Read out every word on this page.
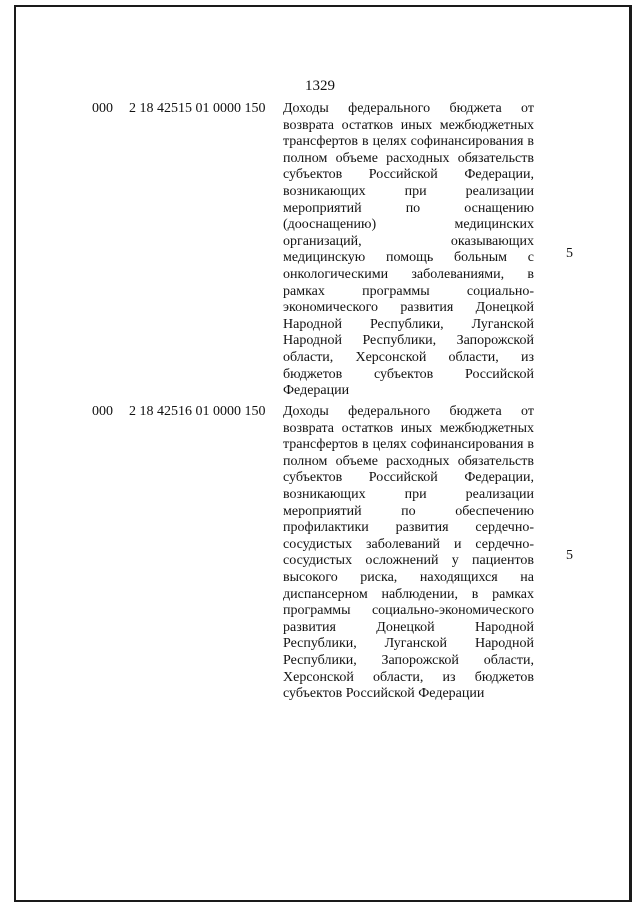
1329
000 2 18 42515 01 0000 150 Доходы федерального бюджета от возврата остатков иных межбюджетных трансфертов в целях софинансирования в полном объеме расходных обязательств субъектов Российской Федерации, возникающих при реализации мероприятий по оснащению (дооснащению) медицинских организаций, оказывающих медицинскую помощь больным с онкологическими заболеваниями, в рамках программы социально-экономического развития Донецкой Народной Республики, Луганской Народной Республики, Запорожской области, Херсонской области, из бюджетов субъектов Российской Федерации
5
000 2 18 42516 01 0000 150 Доходы федерального бюджета от возврата остатков иных межбюджетных трансфертов в целях софинансирования в полном объеме расходных обязательств субъектов Российской Федерации, возникающих при реализации мероприятий по обеспечению профилактики развития сердечно-сосудистых заболеваний и сердечно-сосудистых осложнений у пациентов высокого риска, находящихся на диспансерном наблюдении, в рамках программы социально-экономического развития Донецкой Народной Республики, Луганской Народной Республики, Запорожской области, Херсонской области, из бюджетов субъектов Российской Федерации
5
